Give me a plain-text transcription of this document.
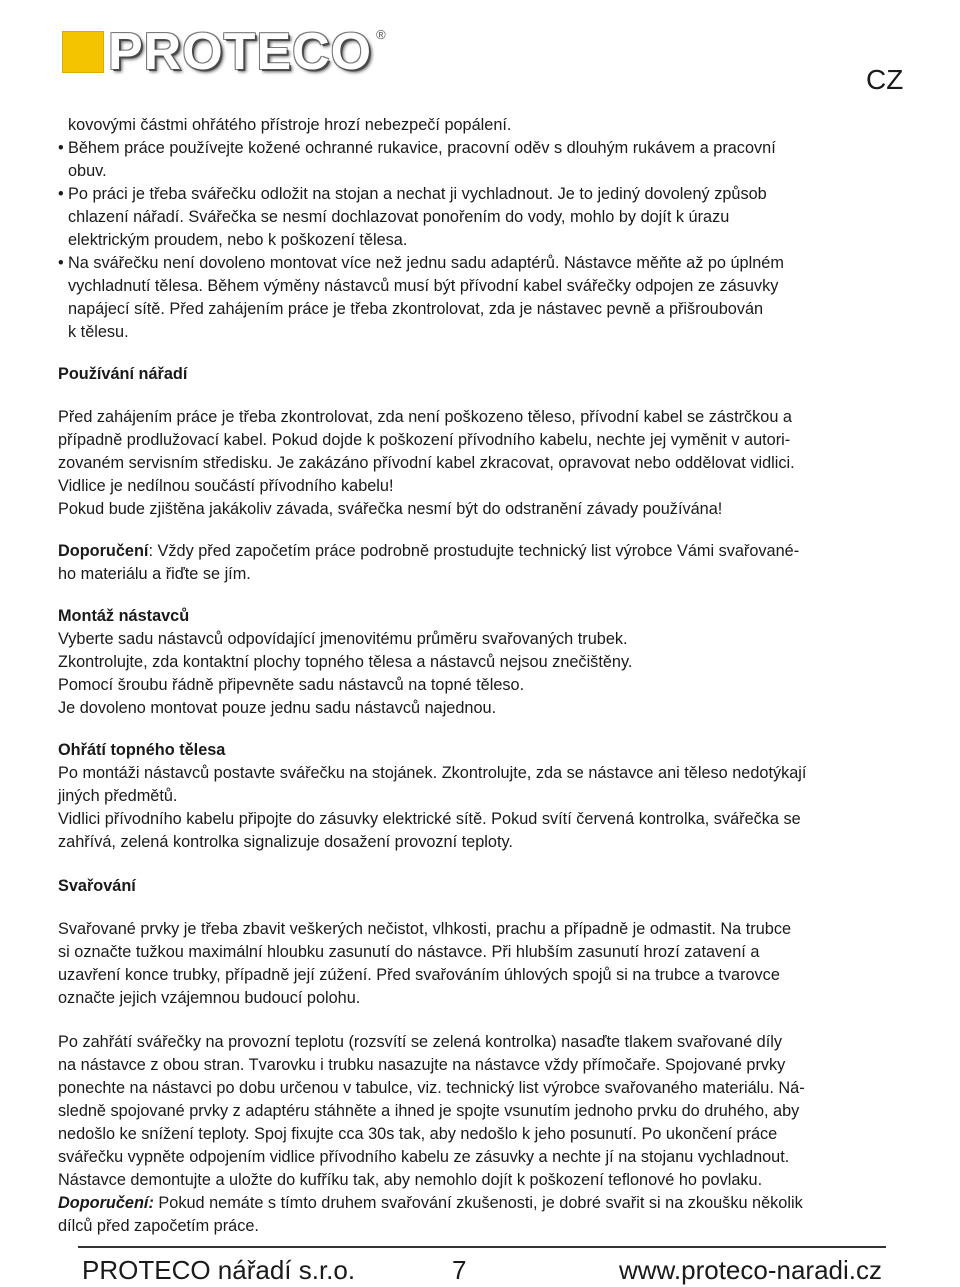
PROTECO ®
CZ

kovovými částmi ohřátého přístroje hrozí nebezpečí popálení.

• Během práce používejte kožené ochranné rukavice, pracovní oděv s dlouhým rukávem a pracovní
obuv.

• Po práci je třeba svářečku odložit na stojan a nechat ji vychladnout. Je to jediný dovolený způsob
chlazení nářadí. Svářečka se nesmí dochlazovat ponořením do vody, mohlo by dojít k úrazu
elektrickým proudem, nebo k poškození tělesa.

• Na svářečku není dovoleno montovat více než jednu sadu adaptérů. Nástavce měňte až po úplném
vychladnutí tělesa. Během výměny nástavců musí být přívodní kabel svářečky odpojen ze zásuvky
napájecí sítě. Před zahájením práce je třeba zkontrolovat, zda je nástavec pevně a přišroubován
k tělesu.

Používání nářadí

Před zahájením práce je třeba zkontrolovat, zda není poškozeno těleso, přívodní kabel se zástrčkou a

případně prodlužovací kabel. Pokud dojde k poškození přívodního kabelu, nechte jej vyměnit v autori-

zovaném servisním středisku. Je zakázáno přívodní kabel zkracovat, opravovat nebo oddělovat vidlici.

Vidlice je nedílnou součástí přívodního kabelu!

Pokud bude zjištěna jakákoliv závada, svářečka nesmí být do odstranění závady používána!

Doporučení: Vždy před započetím práce podrobně prostudujte technický list výrobce Vámi svařované-

ho materiálu a řiďte se jím.

Montáž nástavců

Vyberte sadu nástavců odpovídající jmenovitému průměru svařovaných trubek.

Zkontrolujte, zda kontaktní plochy topného tělesa a nástavců nejsou znečištěny.

Pomocí šroubu řádně připevněte sadu nástavců na topné těleso.

Je dovoleno montovat pouze jednu sadu nástavců najednou.

Ohřátí topného tělesa

Po montáži nástavců postavte svářečku na stojánek. Zkontrolujte, zda se nástavce ani těleso nedotýkají

jiných předmětů.

Vidlici přívodního kabelu připojte do zásuvky elektrické sítě. Pokud svítí červená kontrolka, svářečka se

zahřívá, zelená kontrolka signalizuje dosažení provozní teploty.

Svařování

Svařované prvky je třeba zbavit veškerých nečistot, vlhkosti, prachu a případně je odmastit. Na trubce

si označte tužkou maximální hloubku zasunutí do nástavce. Při hlubším zasunutí hrozí zatavení a

uzavření konce trubky, případně její zúžení. Před svařováním úhlových spojů si na trubce a tvarovce

označte jejich vzájemnou budoucí polohu.

Po zahřátí svářečky na provozní teplotu (rozsvítí se zelená kontrolka) nasaďte tlakem svařované díly

na nástavce z obou stran. Tvarovku i trubku nasazujte na nástavce vždy přímočaře. Spojované prvky

ponechte na nástavci po dobu určenou v tabulce, viz. technický list výrobce svařovaného materiálu. Ná-

sledně spojované prvky z adaptéru stáhněte a ihned je spojte vsunutím jednoho prvku do druhého, aby

nedošlo ke snížení teploty. Spoj fixujte cca 30s tak, aby nedošlo k jeho posunutí. Po ukončení práce

svářečku vypněte odpojením vidlice přívodního kabelu ze zásuvky a nechte jí na stojanu vychladnout.

Nástavce demontujte a uložte do kufříku tak, aby nemohlo dojít k poškození teflonové ho povlaku.

Doporučení: Pokud nemáte s tímto druhem svařování zkušenosti, je dobré svařit si na zkoušku několik

dílců před započetím práce.

PROTECO nářadí s.r.o.	7	www.proteco-naradi.cz
